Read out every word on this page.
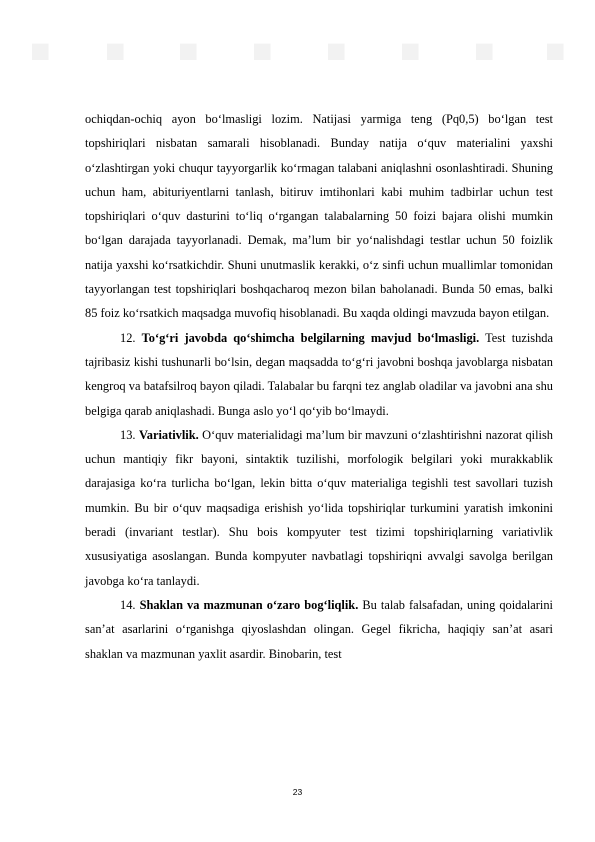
■ ■ ■ ■ ■ ■ ■ ■

ochiqdan-ochiq ayon bo‘lmasligi lozim. Natijasi yarmiga teng (Pq0,5) bo‘lgan test topshiriqlari nisbatan samarali hisoblanadi. Bunday natija o‘quv materialini yaxshi o‘zlashtirgan yoki chuqur tayyorgarlik ko‘rmagan talabani aniqlashni osonlashtiradi. Shuning uchun ham, abituriyentlarni tanlash, bitiruv imtihonlari kabi muhim tadbirlar uchun test topshiriqlari o‘quv dasturini to‘liq o‘rgangan talabalarning 50 foizi bajara olishi mumkin bo‘lgan darajada tayyorlanadi. Demak, ma’lum bir yo‘nalishdagi testlar uchun 50 foizlik natija yaxshi ko‘rsatkichdir. Shuni unutmaslik kerakki, o‘z sinfi uchun muallimlar tomonidan tayyorlangan test topshiriqlari boshqacharoq mezon bilan baholanadi. Bunda 50 emas, balki 85 foiz ko‘rsatkich maqsadga muvofiq hisoblanadi. Bu xaqda oldingi mavzuda bayon etilgan.

12. To‘g‘ri javobda qo‘shimcha belgilarning mavjud bo‘lmasligi. Test tuzishda tajribasiz kishi tushunarli bo‘lsin, degan maqsadda to‘g‘ri javobni boshqa javoblarga nisbatan kengroq va batafsilroq bayon qiladi. Talabalar bu farqni tez anglab oladilar va javobni ana shu belgiga qarab aniqlashadi. Bunga aslo yo‘l qo‘yib bo‘lmaydi.

13. Variativlik. O‘quv materialidagi ma’lum bir mavzuni o‘zlashtirishni nazorat qilish uchun mantiqiy fikr bayoni, sintaktik tuzilishi, morfologik belgilari yoki murakkablik darajasiga ko‘ra turlicha bo‘lgan, lekin bitta o‘quv materialiga tegishli test savollari tuzish mumkin. Bu bir o‘quv maqsadiga erishish yo‘lida topshiriqlar turkumini yaratish imkonini beradi (invariant testlar). Shu bois kompyuter test tizimi topshiriqlarning variativlik xususiyatiga asoslangan. Bunda kompyuter navbatlagi topshiriqni avvalgi savolga berilgan javobga ko‘ra tanlaydi.

14. Shaklan va mazmunan o‘zaro bog‘liqlik. Bu talab falsafadan, uning qoidalarini san’at asarlarini o‘rganishga qiyoslashdan olingan. Gegel fikricha, haqiqiy san’at asari shaklan va mazmunan yaxlit asardir. Binobarin, test

23
